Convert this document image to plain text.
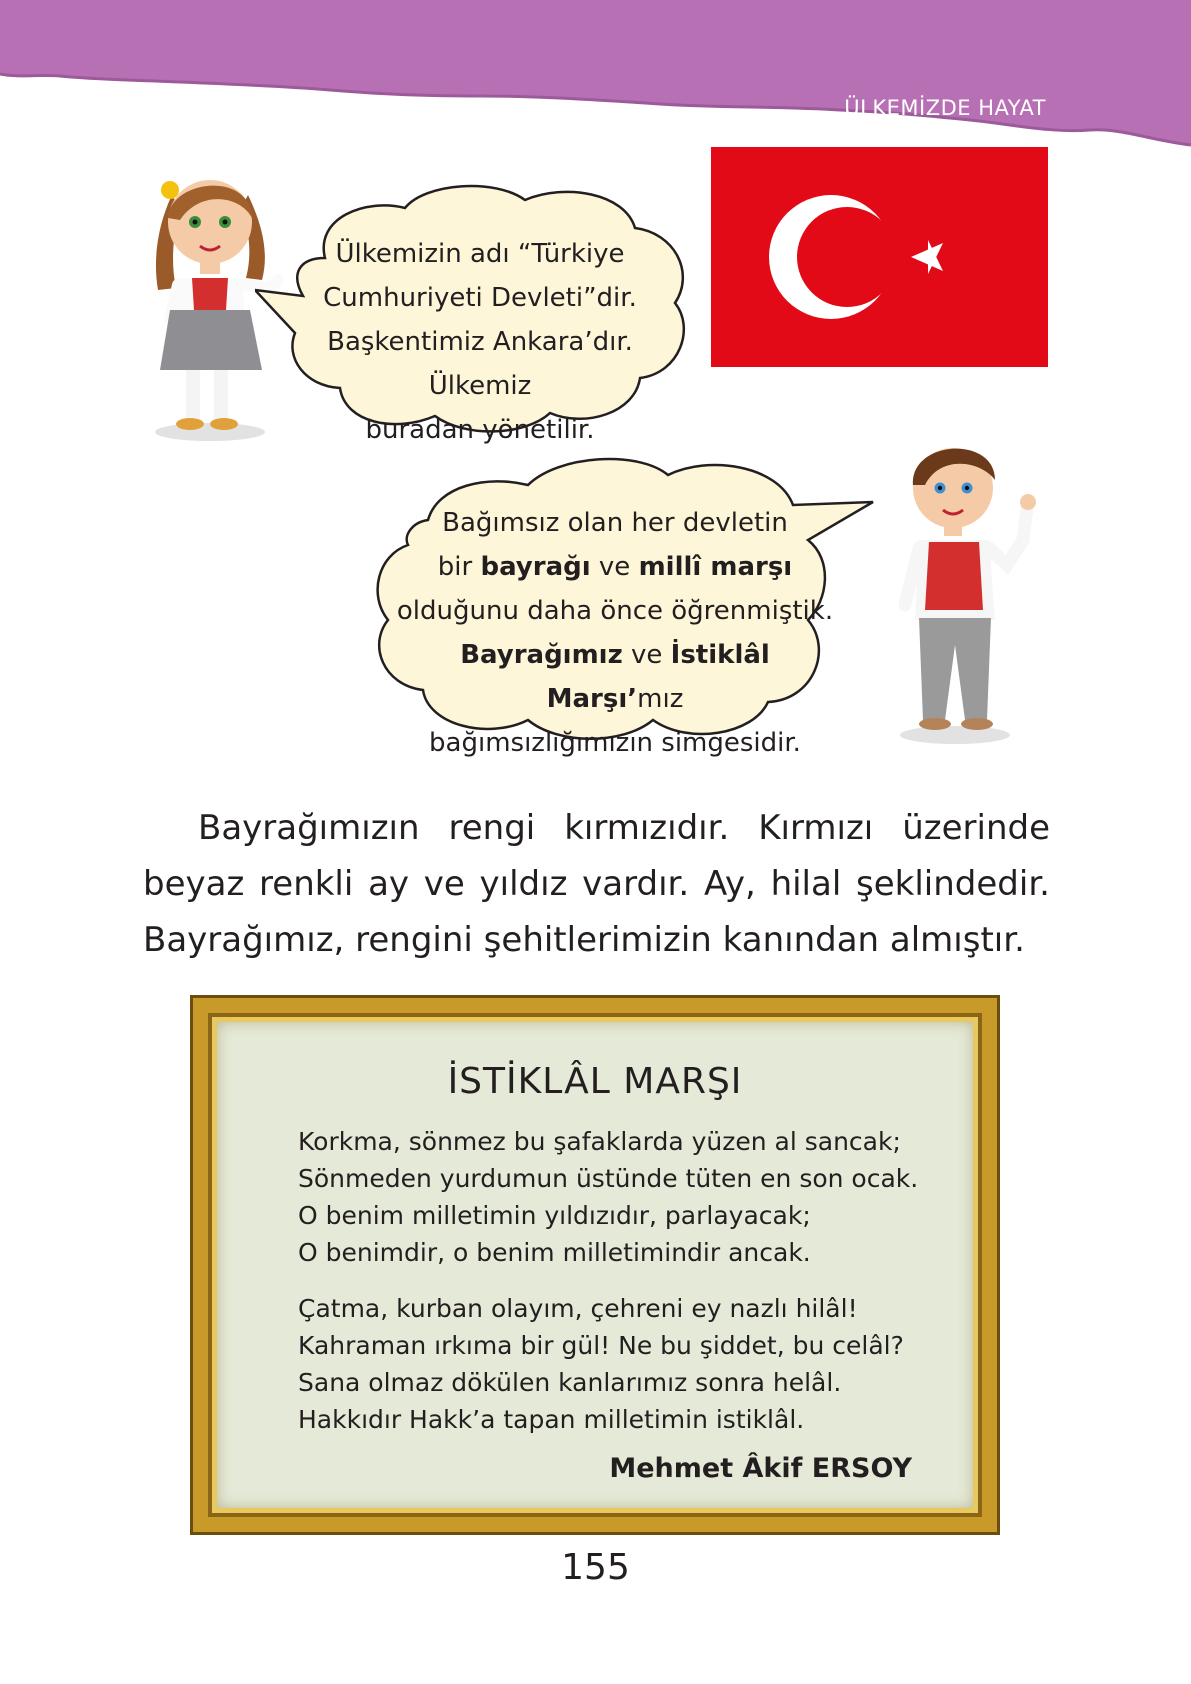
ÜLKEMİZDE HAYAT
Ülkemizin adı “Türkiye
Cumhuriyeti Devleti”dir.
Başkentimiz Ankara’dır. Ülkemiz
buradan yönetilir.
Bağımsız olan her devletin
bir bayrağı ve millî marşı
olduğunu daha önce öğrenmiştik.
Bayrağımız ve İstiklâl Marşı’mız
bağımsızlığımızın simgesidir.
Bayrağımızın rengi kırmızıdır. Kırmızı üzerinde beyaz renkli ay ve yıldız vardır. Ay, hilal şeklindedir. Bayrağımız, rengini şehitlerimizin kanından almıştır.
İSTİKLÂL MARŞI
Korkma, sönmez bu şafaklarda yüzen al sancak;
Sönmeden yurdumun üstünde tüten en son ocak.
O benim milletimin yıldızıdır, parlayacak;
O benimdir, o benim milletimindir ancak.
Çatma, kurban olayım, çehreni ey nazlı hilâl!
Kahraman ırkıma bir gül! Ne bu şiddet, bu celâl?
Sana olmaz dökülen kanlarımız sonra helâl.
Hakkıdır Hakk’a tapan milletimin istiklâl.
Mehmet Âkif ERSOY
155
